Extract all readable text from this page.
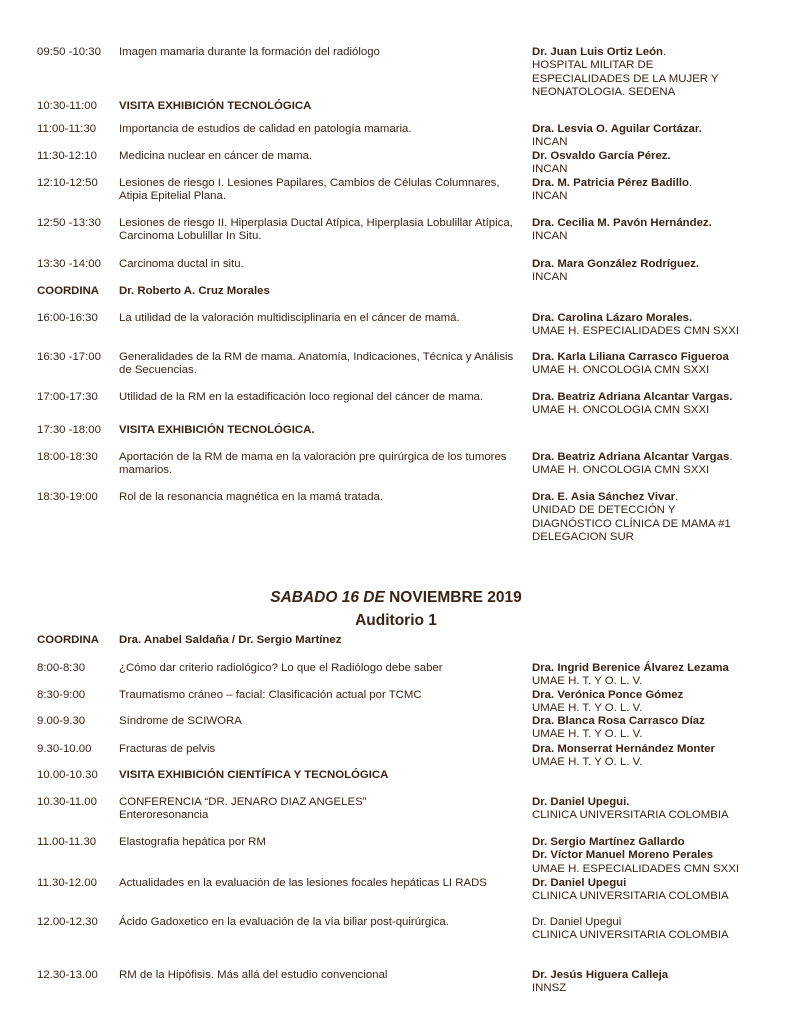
09:50 -10:30 Imagen mamaria durante la formación del radiólogo	Dr. Juan Luis Ortiz León.
HOSPITAL MILITAR DE
ESPECIALIDADES DE LA MUJER Y
NEONATOLOGIA. SEDENA
10:30-11:00 VISITA EXHIBICIÓN TECNOLÓGICA
11:00-11:30 Importancia de estudios de calidad en patología mamaria.	Dra. Lesvia O. Aguilar Cortázar.
INCAN
11:30-12:10 Medicina nuclear en cáncer de mama.	Dr. Osvaldo García Pérez.
INCAN
12:10-12:50 Lesiones de riesgo I. Lesiones Papilares, Cambios de Células Columnares, Atipia Epitelial Plana.
Dra. M. Patricia Pérez Badillo.
INCAN
12:50 -13:30 Lesiones de riesgo II. Hiperplasia Ductal Atípica, Hiperplasia Lobulillar Atípica, Carcinoma Lobulillar In Situ.
Dra. Cecilia M. Pavón Hernández.
INCAN
13:30 -14:00 Carcinoma ductal in situ.	Dra. Mara González Rodríguez.
INCAN
COORDINA Dr. Roberto A. Cruz Morales
16:00-16:30 La utilidad de la valoración multidisciplinaria en el cáncer de mamá.	Dra. Carolina Lázaro Morales.
UMAE H. ESPECIALIDADES CMN SXXI
16:30 -17:00 Generalidades de la RM de mama. Anatomía, Indicaciones, Técnica y Análisis de Secuencias.
Dra. Karla Liliana Carrasco Figueroa
UMAE H. ONCOLOGIA CMN SXXI
17:00-17:30 Utilidad de la RM en la estadificación loco regional del cáncer de mama.	Dra. Beatriz Adriana Alcantar Vargas.
UMAE H. ONCOLOGIA CMN SXXI
17:30 -18:00 VISITA EXHIBICIÓN TECNOLÓGICA.
18:00-18:30 Aportación de la RM de mama en la valoración pre quirúrgica de los tumores mamarios.
Dra. Beatriz Adriana Alcantar Vargas.
UMAE H. ONCOLOGIA CMN SXXI
18:30-19:00 Rol de la resonancia magnética en la mamá tratada.	Dra. E. Asia Sánchez Vivar.
UNIDAD DE DETECCIÓN Y
DIAGNÓSTICO CLÍNICA DE MAMA #1
DELEGACION SUR
SABADO 16 DE NOVIEMBRE 2019
Auditorio 1
COORDINA Dra. Anabel Saldaña / Dr. Sergio Martínez
8:00-8:30	¿Cómo dar criterio radiológico? Lo que el Radiólogo debe saber	Dra. Ingrid Berenice Álvarez Lezama
UMAE H. T. Y O. L. V.
8:30-9:00	Traumatismo cráneo – facial: Clasificación actual por TCMC	Dra. Verónica Ponce Gómez
UMAE H. T. Y O. L. V.
9.00-9.30	Síndrome de SCIWORA	Dra. Blanca Rosa Carrasco Díaz
UMAE H. T. Y O. L. V.
9.30-10.00 Fracturas de pelvis	Dra. Monserrat Hernández Monter
UMAE H. T. Y O. L. V.
10.00-10.30 VISITA EXHIBICIÓN CIENTÍFICA Y TECNOLÓGICA
10.30-11.00 CONFERENCIA “DR. JENARO DIAZ ANGELES”
Enteroresonancia
Dr. Daniel Upegui.
CLINICA UNIVERSITARIA COLOMBIA
11.00-11.30 Elastografia hepática por RM	Dr. Sergio Martínez Gallardo
Dr. Víctor Manuel Moreno Perales
UMAE H. ESPECIALIDADES CMN SXXI
11.30-12.00 Actualidades en la evaluación de las lesiones focales hepáticas LI RADS	Dr. Daniel Upegui
CLINICA UNIVERSITARIA COLOMBIA
12.00-12.30 Ácido Gadoxetico en la evaluación de la vía biliar post-quirúrgica.	Dr. Daniel Upegui
CLINICA UNIVERSITARIA COLOMBIA
12.30-13.00 RM de la Hipófisis. Más allá del estudio convencional	Dr. Jesús Higuera Calleja
INNSZ
